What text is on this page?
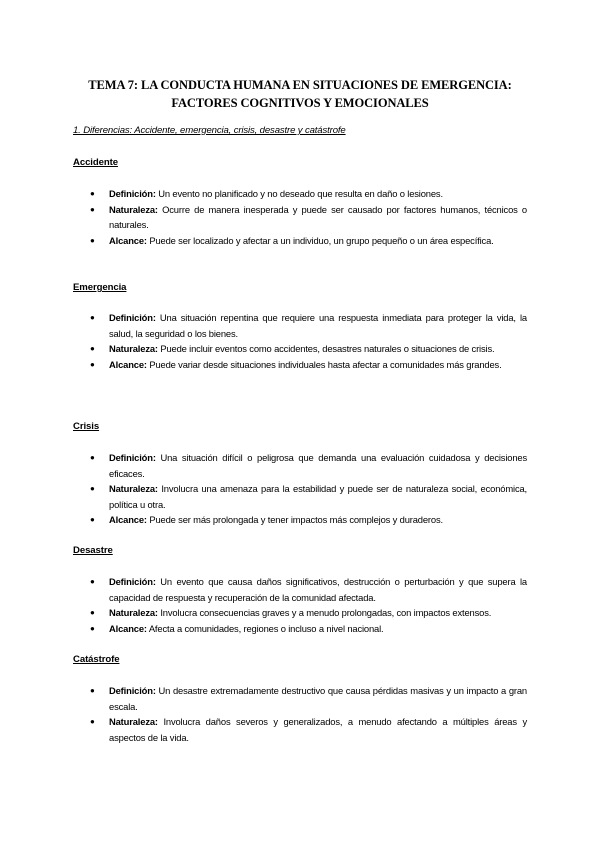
TEMA 7: LA CONDUCTA HUMANA EN SITUACIONES DE EMERGENCIA:
FACTORES COGNITIVOS Y EMOCIONALES
1. Diferencias: Accidente, emergencia, crisis, desastre y catástrofe
Accidente
● Definición: Un evento no planificado y no deseado que resulta en daño o lesiones.
● Naturaleza: Ocurre de manera inesperada y puede ser causado por factores humanos, técnicos o naturales.
● Alcance: Puede ser localizado y afectar a un individuo, un grupo pequeño o un área específica.
Emergencia
● Definición: Una situación repentina que requiere una respuesta inmediata para proteger la vida, la salud, la seguridad o los bienes.
● Naturaleza: Puede incluir eventos como accidentes, desastres naturales o situaciones de crisis.
● Alcance: Puede variar desde situaciones individuales hasta afectar a comunidades más grandes.
Crisis
● Definición: Una situación difícil o peligrosa que demanda una evaluación cuidadosa y decisiones eficaces.
● Naturaleza: Involucra una amenaza para la estabilidad y puede ser de naturaleza social, económica, política u otra.
● Alcance: Puede ser más prolongada y tener impactos más complejos y duraderos.
Desastre
● Definición: Un evento que causa daños significativos, destrucción o perturbación y que supera la capacidad de respuesta y recuperación de la comunidad afectada.
● Naturaleza: Involucra consecuencias graves y a menudo prolongadas, con impactos extensos.
● Alcance: Afecta a comunidades, regiones o incluso a nivel nacional.
Catástrofe
● Definición: Un desastre extremadamente destructivo que causa pérdidas masivas y un impacto a gran escala.
● Naturaleza: Involucra daños severos y generalizados, a menudo afectando a múltiples áreas y aspectos de la vida.
